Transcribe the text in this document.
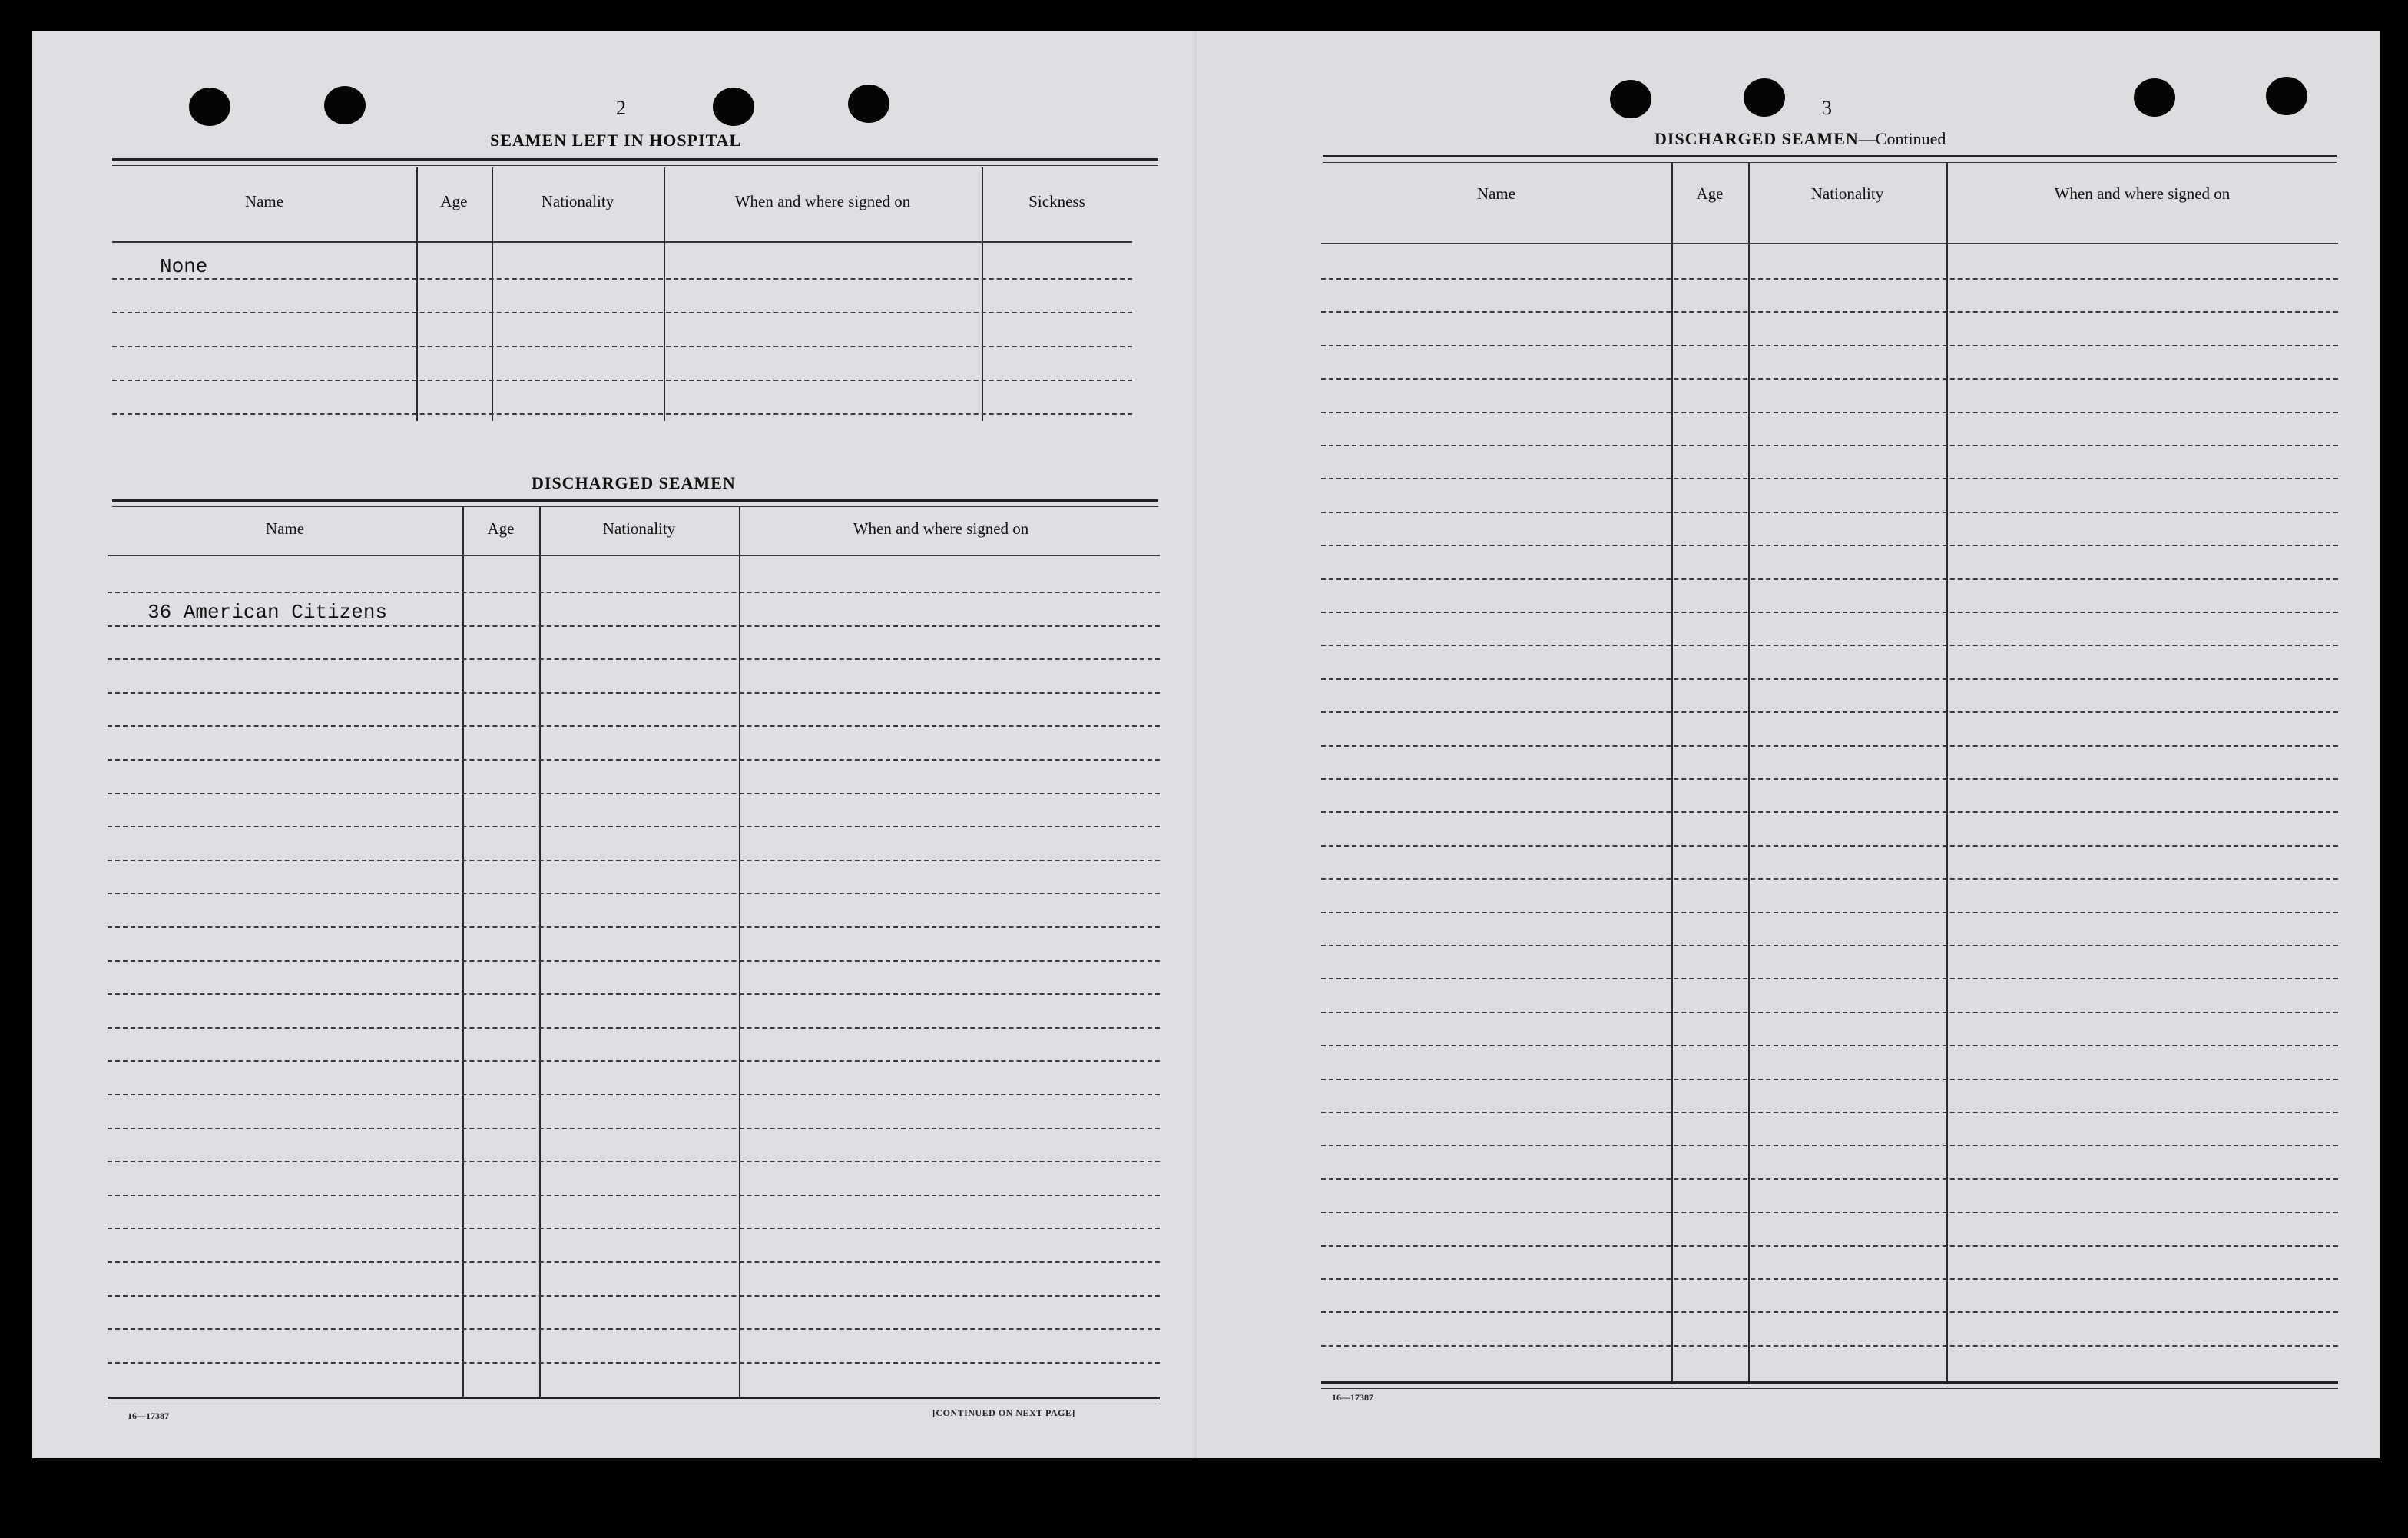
2
SEAMEN LEFT IN HOSPITAL
Name	Age	Nationality	When and where signed on	Sickness
None
DISCHARGED SEAMEN
Name	Age	Nationality	When and where signed on
36 American Citizens
16—17387	[CONTINUED ON NEXT PAGE]
3
DISCHARGED SEAMEN—Continued
Name	Age	Nationality	When and where signed on
16—17387
